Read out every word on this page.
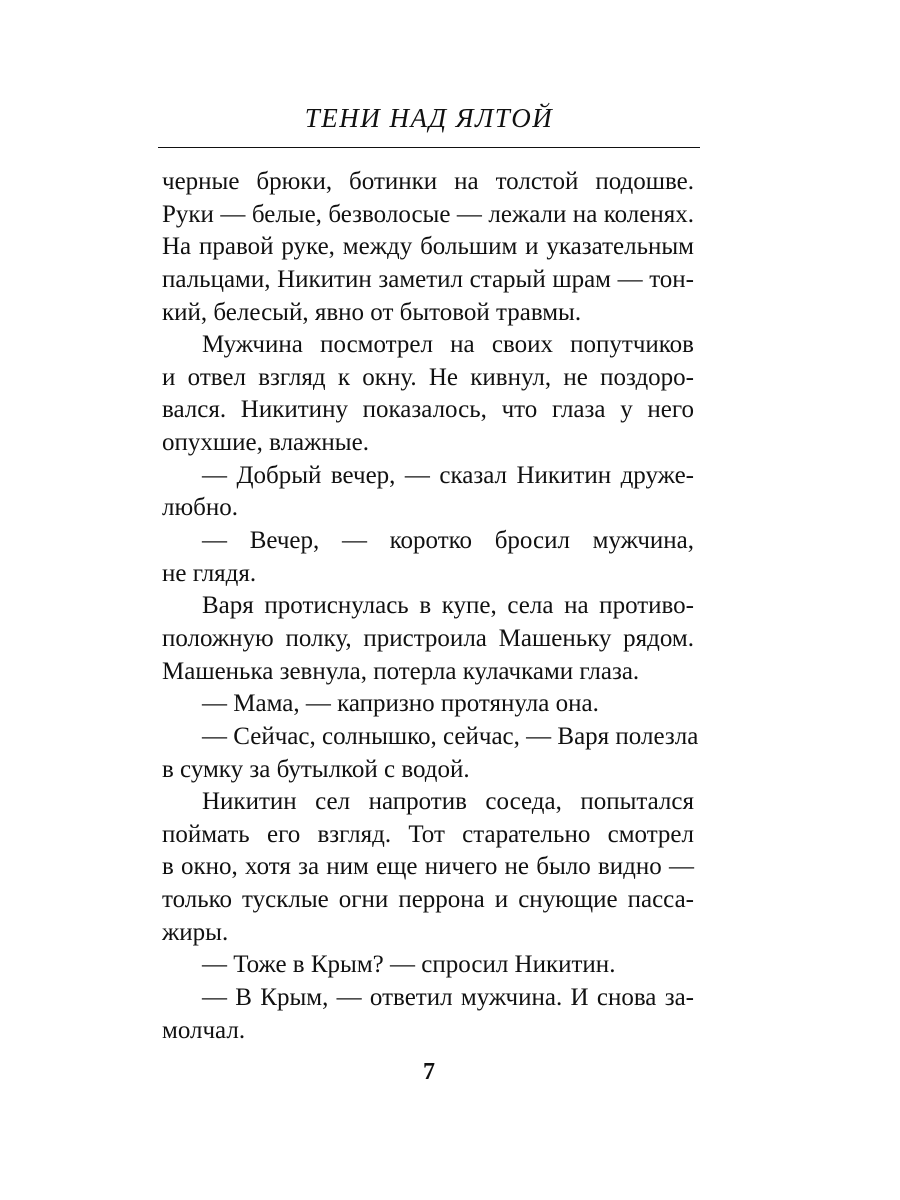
ТЕНИ НАД ЯЛТОЙ
черные брюки, ботинки на толстой подошве.
Руки — белые, безволосые — лежали на коленях.
На правой руке, между большим и указательным
пальцами, Никитин заметил старый шрам — тон-
кий, белесый, явно от бытовой травмы.
Мужчина посмотрел на своих попутчиков
и отвел взгляд к окну. Не кивнул, не поздоро-
вался. Никитину показалось, что глаза у него
опухшие, влажные.
— Добрый вечер, — сказал Никитин друже-
любно.
— Вечер, — коротко бросил мужчина,
не глядя.
Варя протиснулась в купе, села на противо-
положную полку, пристроила Машеньку рядом.
Машенька зевнула, потерла кулачками глаза.
— Мама, — капризно протянула она.
— Сейчас, солнышко, сейчас, — Варя полезла
в сумку за бутылкой с водой.
Никитин сел напротив соседа, попытался
поймать его взгляд. Тот старательно смотрел
в окно, хотя за ним еще ничего не было видно —
только тусклые огни перрона и снующие пасса-
жиры.
— Тоже в Крым? — спросил Никитин.
— В Крым, — ответил мужчина. И снова за-
молчал.
7
